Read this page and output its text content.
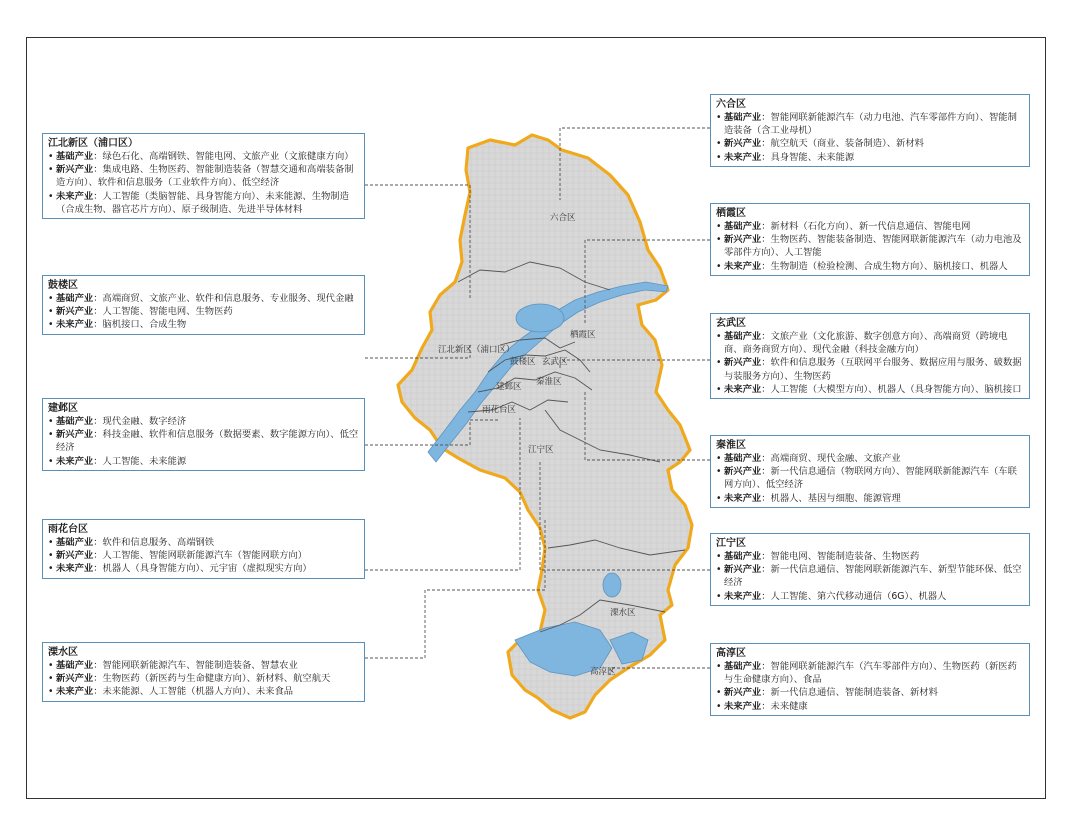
六合区
江北新区（浦口区）
栖霞区
鼓楼区 玄武区
建邺区 秦淮区
雨花台区
江宁区
溧水区
高淳区
江北新区（浦口区）
• 基础产业：绿色石化、高端钢铁、智能电网、文旅产业（文旅健康方向）
• 新兴产业：集成电路、生物医药、智能制造装备（智慧交通和高端装备制造方向）、软件和信息服务（工业软件方向）、低空经济
• 未来产业：人工智能（类脑智能、具身智能方向）、未来能源、生物制造（合成生物、器官芯片方向）、原子级制造、先进半导体材料
鼓楼区
• 基础产业：高端商贸、文旅产业、软件和信息服务、专业服务、现代金融
• 新兴产业：人工智能、智能电网、生物医药
• 未来产业：脑机接口、合成生物
建邺区
• 基础产业：现代金融、数字经济
• 新兴产业：科技金融、软件和信息服务（数据要素、数字能源方向）、低空经济
• 未来产业：人工智能、未来能源
雨花台区
• 基础产业：软件和信息服务、高端钢铁
• 新兴产业：人工智能、智能网联新能源汽车（智能网联方向）
• 未来产业：机器人（具身智能方向）、元宇宙（虚拟现实方向）
溧水区
• 基础产业：智能网联新能源汽车、智能制造装备、智慧农业
• 新兴产业：生物医药（新医药与生命健康方向）、新材料、航空航天
• 未来产业：未来能源、人工智能（机器人方向）、未来食品
六合区
• 基础产业：智能网联新能源汽车（动力电池、汽车零部件方向）、智能制造装备（含工业母机）
• 新兴产业：航空航天（商业、装备制造）、新材料
• 未来产业：具身智能、未来能源
栖霞区
• 基础产业：新材料（石化方向）、新一代信息通信、智能电网
• 新兴产业：生物医药、智能装备制造、智能网联新能源汽车（动力电池及零部件方向）、人工智能
• 未来产业：生物制造（检验检测、合成生物方向）、脑机接口、机器人
玄武区
• 基础产业：文旅产业（文化旅游、数字创意方向）、高端商贸（跨境电商、商务商贸方向）、现代金融（科技金融方向）
• 新兴产业：软件和信息服务（互联网平台服务、数据应用与服务、破数据与装服务方向）、生物医药
• 未来产业：人工智能（大模型方向）、机器人（具身智能方向）、脑机接口
秦淮区
• 基础产业：高端商贸、现代金融、文旅产业
• 新兴产业：新一代信息通信（物联网方向）、智能网联新能源汽车（车联网方向）、低空经济
• 未来产业：机器人、基因与细胞、能源管理
江宁区
• 基础产业：智能电网、智能制造装备、生物医药
• 新兴产业：新一代信息通信、智能网联新能源汽车、新型节能环保、低空经济
• 未来产业：人工智能、第六代移动通信（6G）、机器人
高淳区
• 基础产业：智能网联新能源汽车（汽车零部件方向）、生物医药（新医药与生命健康方向）、食品
• 新兴产业：新一代信息通信、智能制造装备、新材料
• 未来产业：未来健康
